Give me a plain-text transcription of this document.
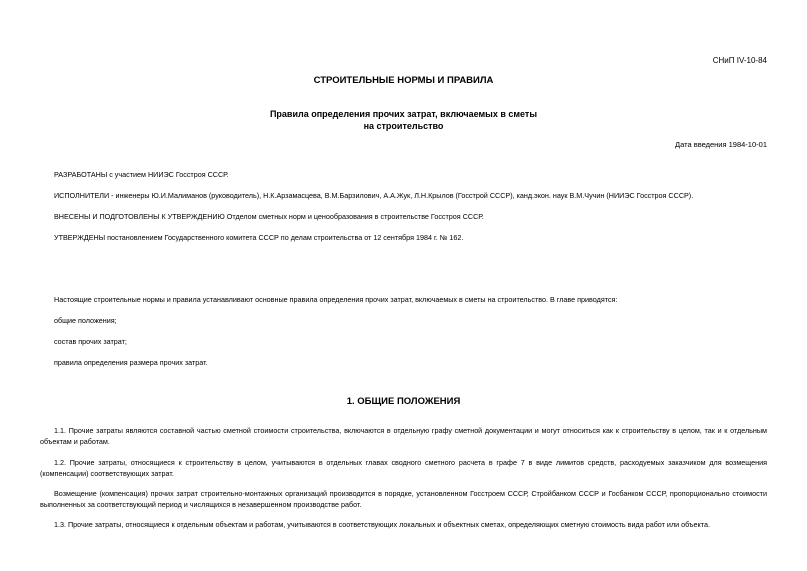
СНиП IV-10-84
СТРОИТЕЛЬНЫЕ НОРМЫ И ПРАВИЛА
Правила определения прочих затрат, включаемых в сметы
на строительство
Дата введения 1984-10-01
РАЗРАБОТАНЫ с участием НИИЭС Госстроя СССР.
ИСПОЛНИТЕЛИ - инженеры Ю.И.Малиманов (руководитель), Н.К.Арзамасцева, В.М.Барзилович, А.А.Жук, Л.Н.Крылов (Госстрой СССР), канд.экон. наук В.М.Чучин (НИИЭС Госстроя СССР).
ВНЕСЕНЫ И ПОДГОТОВЛЕНЫ К УТВЕРЖДЕНИЮ Отделом сметных норм и ценообразования в строительстве Госстроя СССР.
УТВЕРЖДЕНЫ постановлением Государственного комитета СССР по делам строительства от 12 сентября 1984 г. № 162.
Настоящие строительные нормы и правила устанавливают основные правила определения прочих затрат, включаемых в сметы на строительство. В главе приводятся:
общие положения;
состав прочих затрат;
правила определения размера прочих затрат.
1. ОБЩИЕ ПОЛОЖЕНИЯ
1.1. Прочие затраты являются составной частью сметной стоимости строительства, включаются в отдельную графу сметной документации и могут относиться как к строительству в целом, так и к отдельным объектам и работам.
1.2. Прочие затраты, относящиеся к строительству в целом, учитываются в отдельных главах сводного сметного расчета в графе 7 в виде лимитов средств, расходуемых заказчиком для возмещения (компенсации) соответствующих затрат.
Возмещение (компенсация) прочих затрат строительно-монтажных организаций производится в порядке, установленном Госстроем СССР, Стройбанком СССР и Госбанком СССР, пропорционально стоимости выполненных за соответствующий период и числящихся в незавершенном производстве работ.
1.3. Прочие затраты, относящиеся к отдельным объектам и работам, учитываются в соответствующих локальных и объектных сметах, определяющих сметную стоимость вида работ или объекта.
